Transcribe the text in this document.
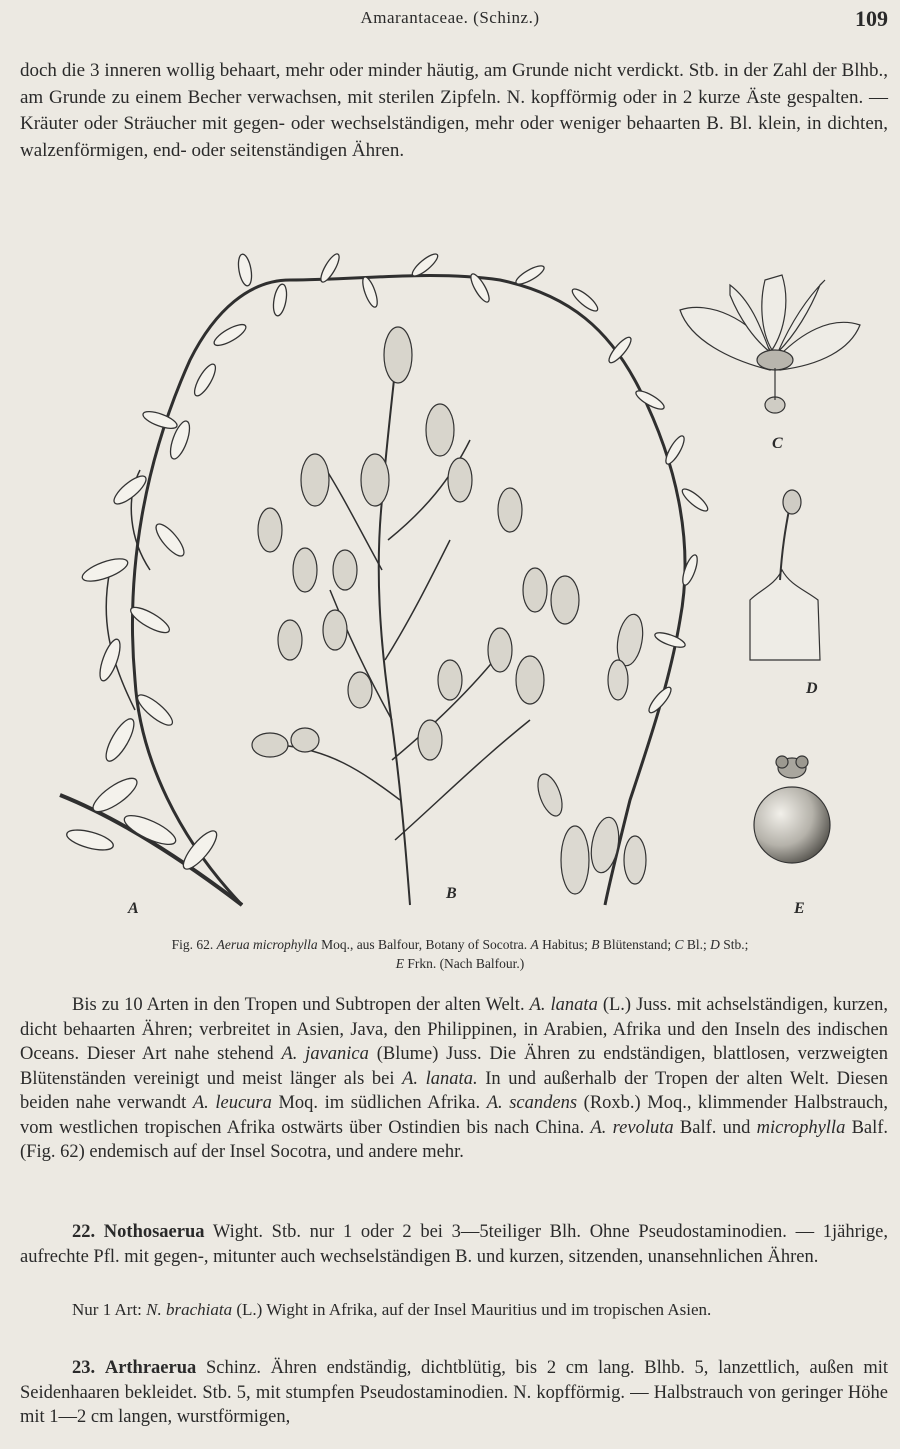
Amarantaceae. (Schinz.)	109
doch die 3 inneren wollig behaart, mehr oder minder häutig, am Grunde nicht verdickt. Stb. in der Zahl der Blhb., am Grunde zu einem Becher verwachsen, mit sterilen Zipfeln. N. kopfförmig oder in 2 kurze Äste gespalten. — Kräuter oder Sträucher mit gegen- oder wechselständigen, mehr oder weniger behaarten B. Bl. klein, in dichten, walzenförmigen, end- oder seitenständigen Ähren.
A
B
C
D
E
Fig. 62. Aerua microphylla Moq., aus Balfour, Botany of Socotra. A Habitus; B Blütenstand; C Bl.; D Stb.;
E Frkn. (Nach Balfour.)
Bis zu 10 Arten in den Tropen und Subtropen der alten Welt. A. lanata (L.) Juss. mit achselständigen, kurzen, dicht behaarten Ähren; verbreitet in Asien, Java, den Philippinen, in Arabien, Afrika und den Inseln des indischen Oceans. Dieser Art nahe stehend A. javanica (Blume) Juss. Die Ähren zu endständigen, blattlosen, verzweigten Blütenständen vereinigt und meist länger als bei A. lanata. In und außerhalb der Tropen der alten Welt. Diesen beiden nahe verwandt A. leucura Moq. im südlichen Afrika. A. scandens (Roxb.) Moq., klimmender Halbstrauch, vom westlichen tropischen Afrika ostwärts über Ostindien bis nach China. A. revoluta Balf. und microphylla Balf. (Fig. 62) endemisch auf der Insel Socotra, und andere mehr.
22. Nothosaerua Wight. Stb. nur 1 oder 2 bei 3—5teiliger Blh. Ohne Pseudostaminodien. — 1jährige, aufrechte Pfl. mit gegen-, mitunter auch wechselständigen B. und kurzen, sitzenden, unansehnlichen Ähren.
Nur 1 Art: N. brachiata (L.) Wight in Afrika, auf der Insel Mauritius und im tropischen Asien.
23. Arthraerua Schinz. Ähren endständig, dichtblütig, bis 2 cm lang. Blhb. 5, lanzettlich, außen mit Seidenhaaren bekleidet. Stb. 5, mit stumpfen Pseudostaminodien. N. kopfförmig. — Halbstrauch von geringer Höhe mit 1—2 cm langen, wurstförmigen,
